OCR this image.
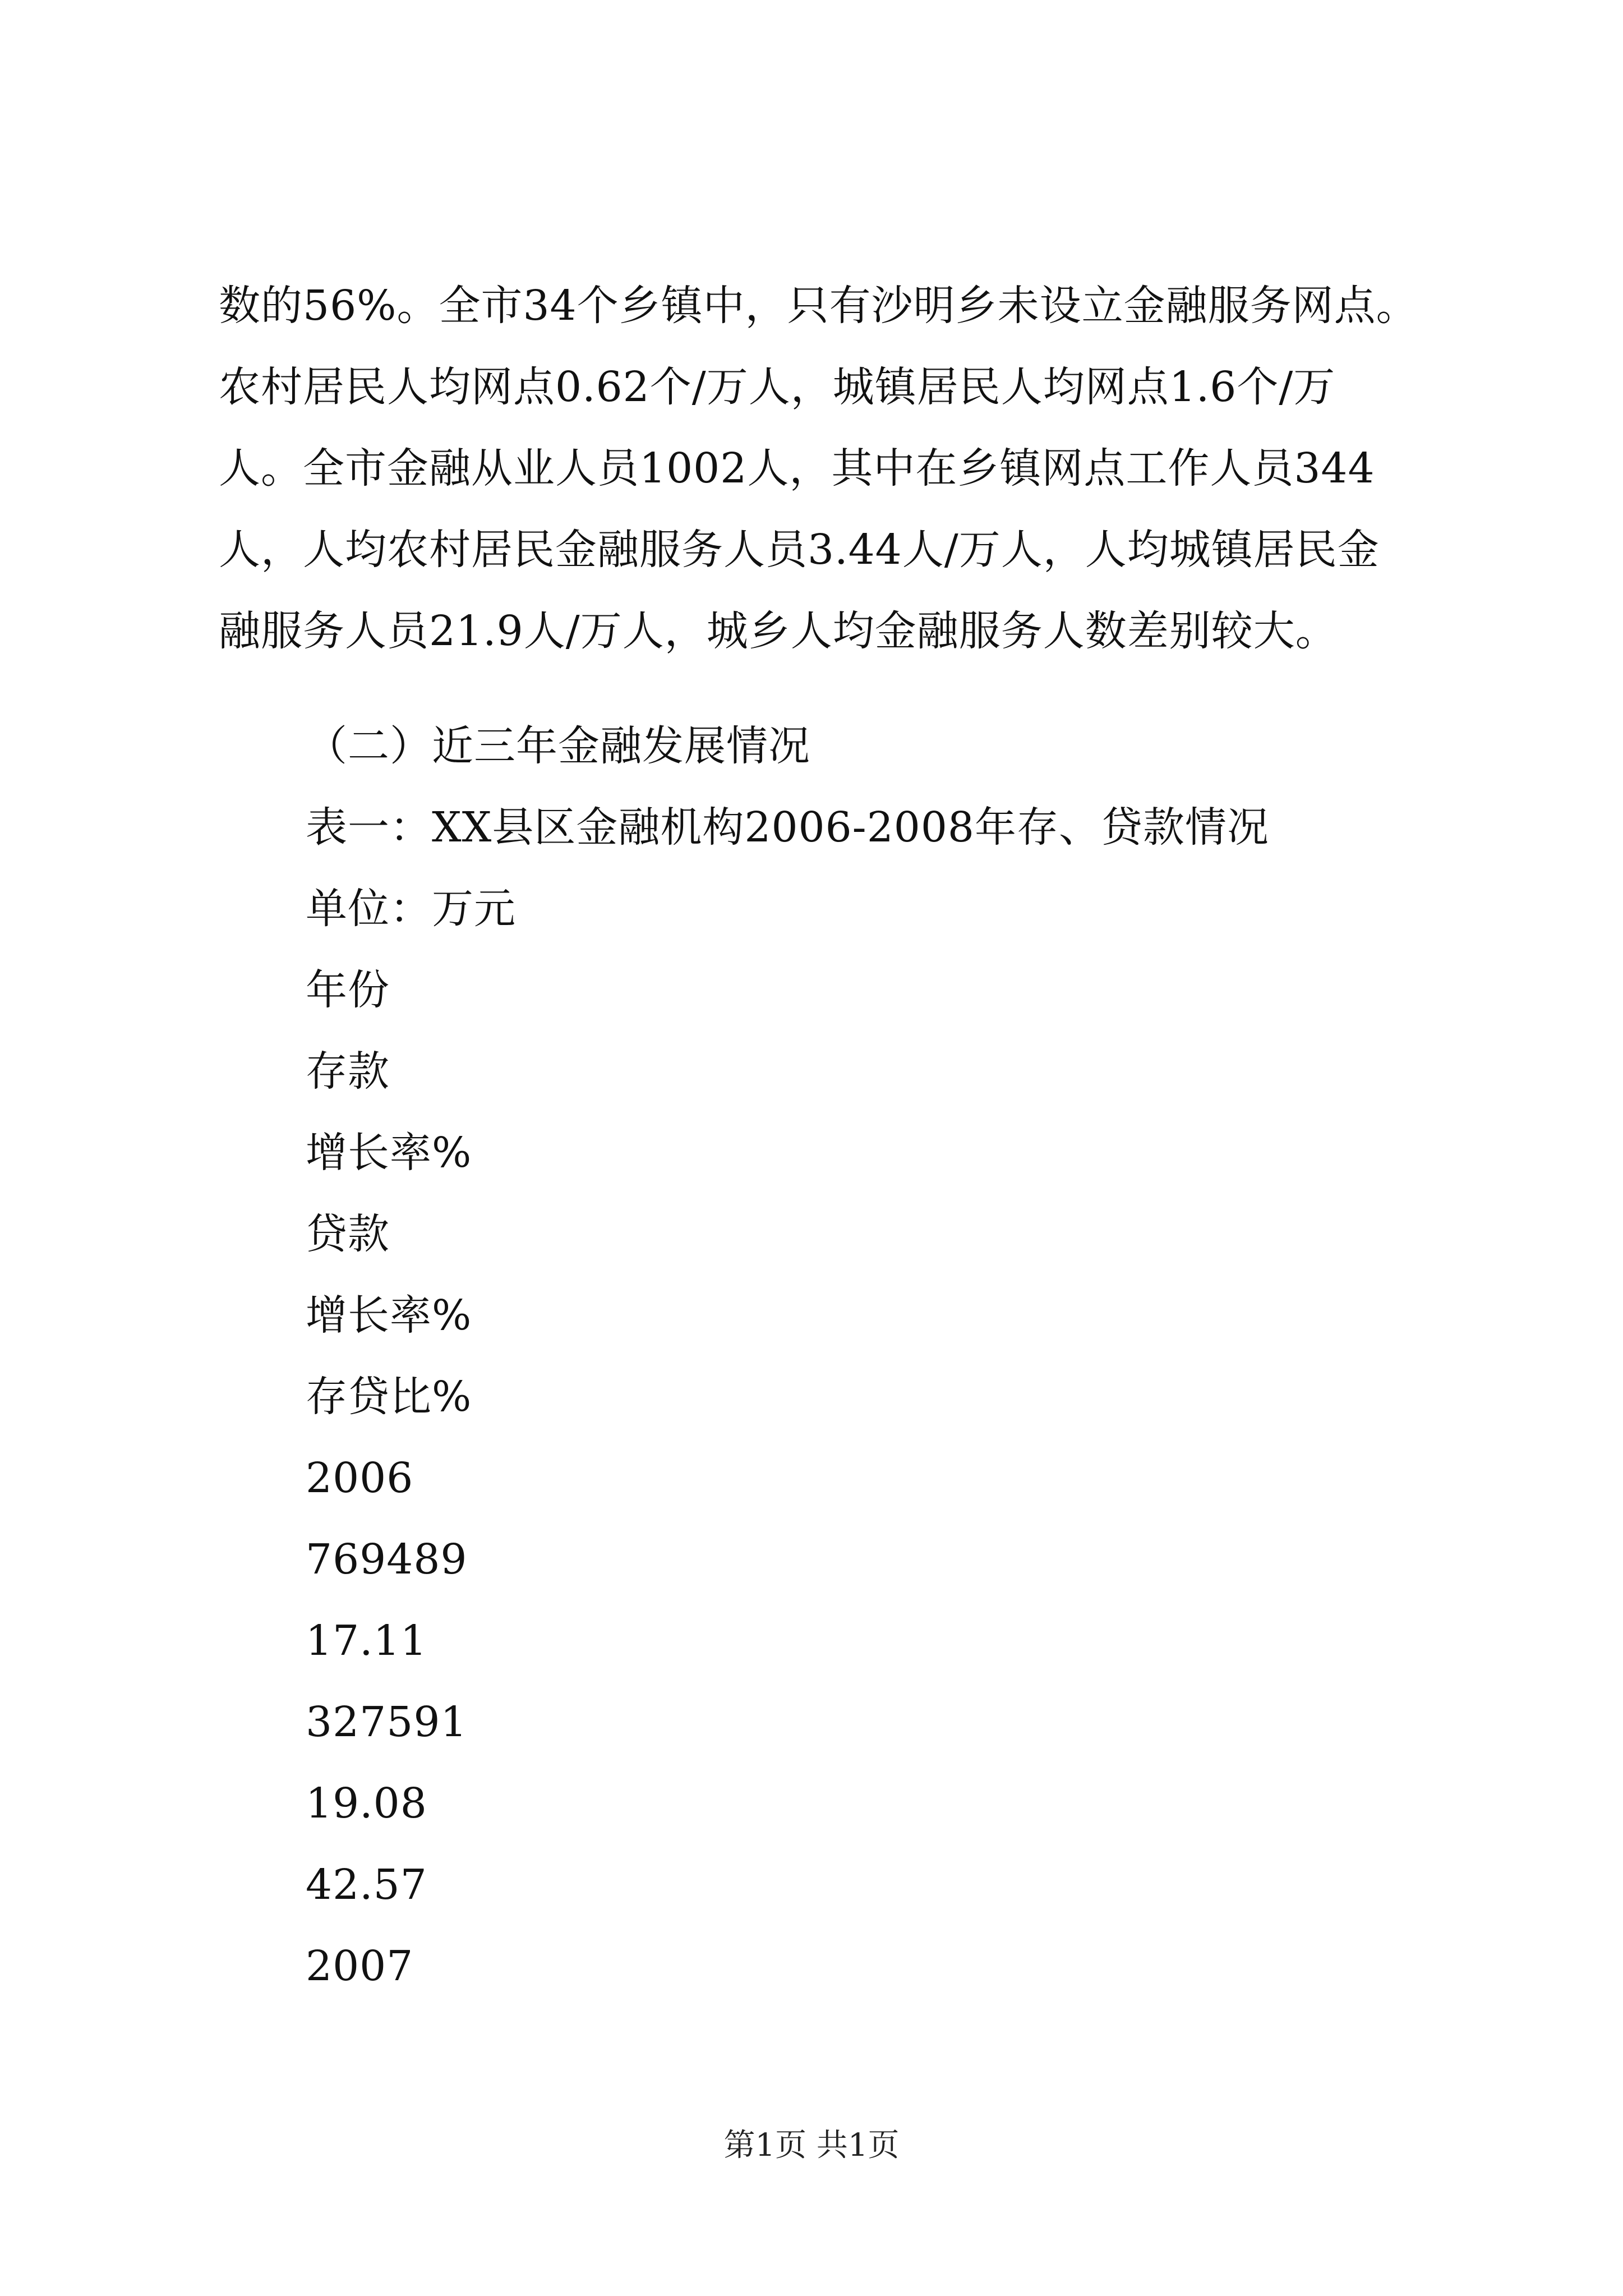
数的56%。全市34个乡镇中，只有沙明乡未设立金融服务网点。
农村居民人均网点0.62个/万人，城镇居民人均网点1.6个/万
人。全市金融从业人员1002人，其中在乡镇网点工作人员344
人，人均农村居民金融服务人员3.44人/万人，人均城镇居民金
融服务人员21.9人/万人，城乡人均金融服务人数差别较大。
（二）近三年金融发展情况
表一：XX县区金融机构2006-2008年存、贷款情况
单位：万元
年份
存款
增长率%
贷款
增长率%
存贷比%
2006
769489
17.11
327591
19.08
42.57
2007
第1页 共1页
